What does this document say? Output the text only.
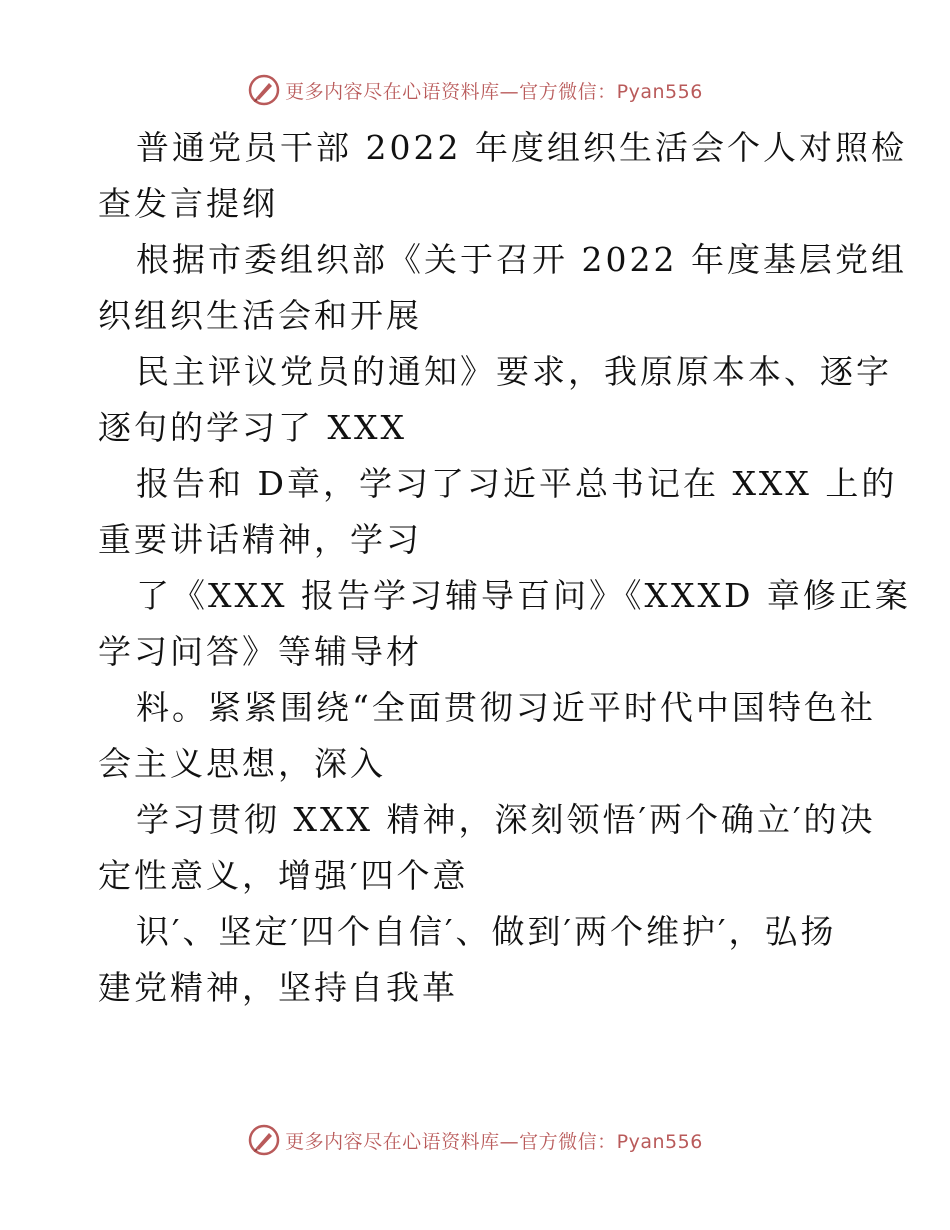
更多内容尽在心语资料库—官方微信：Pyan556

普通党员干部 2022 年度组织生活会个人对照检

查发言提纲

根据市委组织部《关于召开 2022 年度基层党组

织组织生活会和开展

民主评议党员的通知》要求，我原原本本、逐字

逐句的学习了 XXX

报告和 D章，学习了习近平总书记在 XXX 上的

重要讲话精神，学习

了《XXX 报告学习辅导百问》《XXXD 章修正案

学习问答》等辅导材

料。紧紧围绕“全面贯彻习近平时代中国特色社

会主义思想，深入

学习贯彻 XXX 精神，深刻领悟′两个确立′的决

定性意义，增强′四个意

识′、坚定′四个自信′、做到′两个维护′，弘扬

建党精神，坚持自我革

更多内容尽在心语资料库—官方微信：Pyan556
